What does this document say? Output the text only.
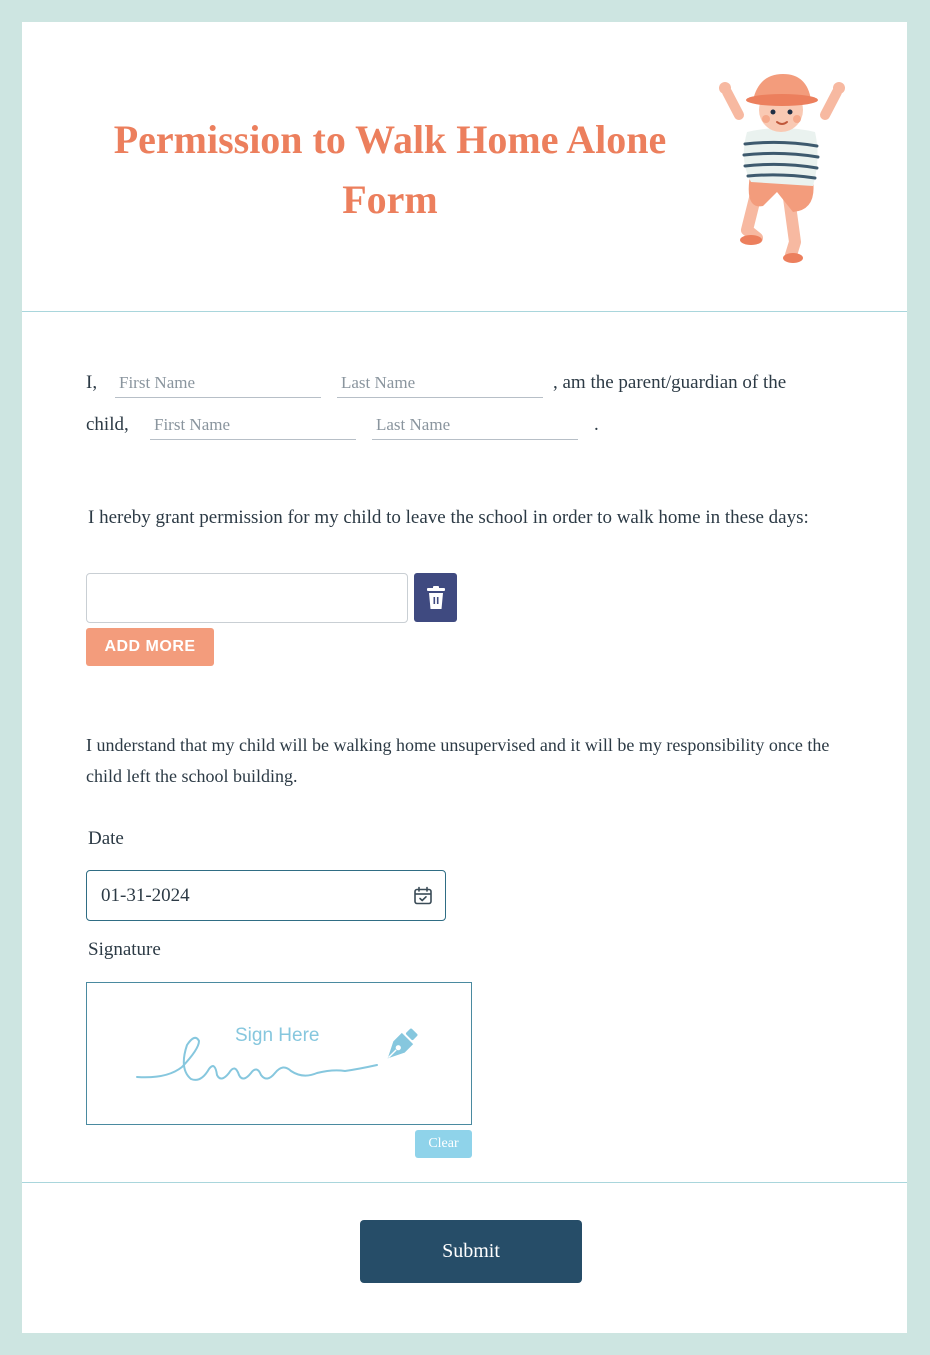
Permission to Walk Home Alone Form
I, First Name	Last Name	, am the parent/guardian of the
child, First Name	Last Name	.

I hereby grant permission for my child to leave the school in order to walk home in these days:

ADD MORE

I understand that my child will be walking home unsupervised and it will be my responsibility once the child left the school building.

Date
01-31-2024
Signature
Sign Here
Clear
Submit
